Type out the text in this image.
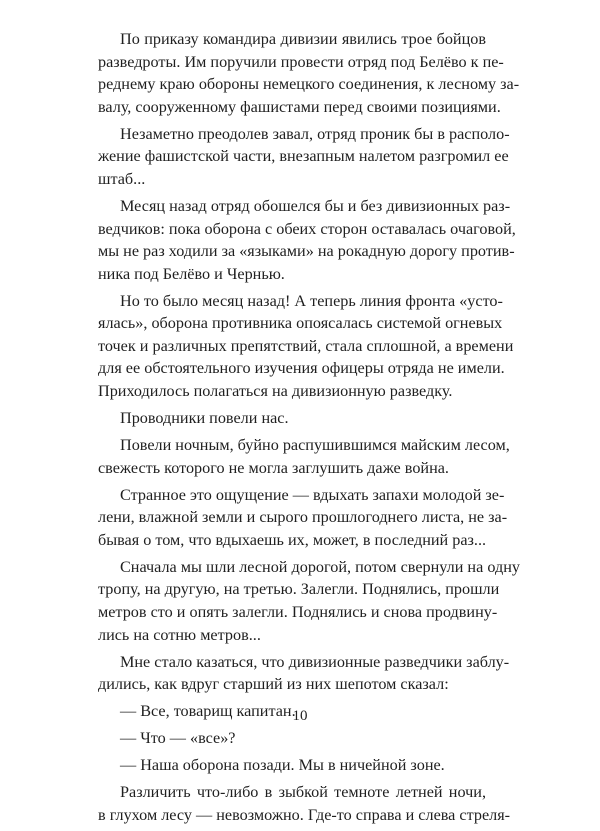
По приказу командира дивизии явились трое бойцов
разведроты. Им поручили провести отряд под Белёво к пе-
реднему краю обороны немецкого соединения, к лесному за-
валу, сооруженному фашистами перед своими позициями.
Незаметно преодолев завал, отряд проник бы в располо-
жение фашистской части, внезапным налетом разгромил ее
штаб...
Месяц назад отряд обошелся бы и без дивизионных раз-
ведчиков: пока оборона с обеих сторон оставалась очаговой,
мы не раз ходили за «языками» на рокадную дорогу против-
ника под Белёво и Чернью.
Но то было месяц назад! А теперь линия фронта «усто-
ялась», оборона противника опоясалась системой огневых
точек и различных препятствий, стала сплошной, а времени
для ее обстоятельного изучения офицеры отряда не имели.
Приходилось полагаться на дивизионную разведку.
Проводники повели нас.
Повели ночным, буйно распушившимся майским лесом,
свежесть которого не могла заглушить даже война.
Странное это ощущение — вдыхать запахи молодой зе-
лени, влажной земли и сырого прошлогоднего листа, не за-
бывая о том, что вдыхаешь их, может, в последний раз...
Сначала мы шли лесной дорогой, потом свернули на одну
тропу, на другую, на третью. Залегли. Поднялись, прошли
метров сто и опять залегли. Поднялись и снова продвину-
лись на сотню метров...
Мне стало казаться, что дивизионные разведчики заблу-
дились, как вдруг старший из них шепотом сказал:
— Все, товарищ капитан.
— Что — «все»?
— Наша оборона позади. Мы в ничейной зоне.
Различить что-либо в зыбкой темноте летней ночи,
в глухом лесу — невозможно. Где-то справа и слева стреля-
10
